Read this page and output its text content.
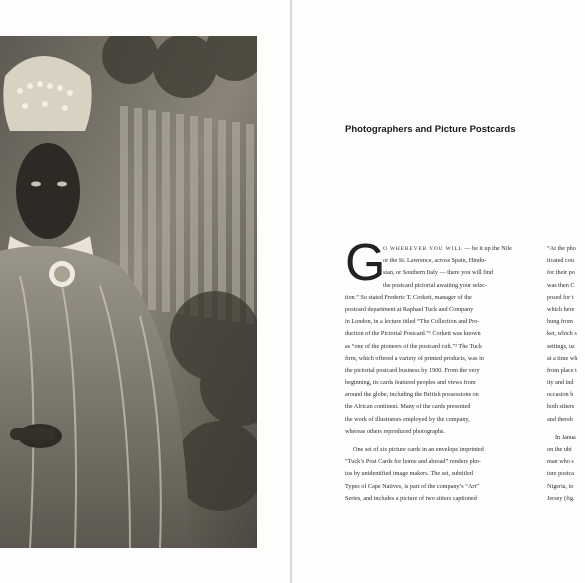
Photographers and Picture Postcards
G
O WHEREVER YOU WILL — be it up the Nile
or the St. Lawrence, across Spain, Hindu-
stan, or Southern Italy — there you will find
the postcard pictorial awaiting your selec-
tion.” So stated Frederic T. Corkett, manager of the
postcard department at Raphael Tuck and Company
in London, in a lecture titled “The Collection and Pro-
duction of the Pictorial Postcard.”¹ Corkett was known
as “one of the pioneers of the postcard cult.”² The Tuck
firm, which offered a variety of printed products, was in
the pictorial postcard business by 1900. From the very
beginning, its cards featured peoples and views from
around the globe, including the British possessions on
the African continent. Many of the cards presented
the work of illustrators employed by the company,
whereas others reproduced photographs.
One set of six picture cards in an envelope imprinted
“Tuck’s Post Cards for home and abroad” renders pho-
tos by unidentified image makers. The set, subtitled
Types of Cape Natives, is part of the company’s “Art”
Series, and includes a picture of two sitters captioned
“At the pho
ticated cou
for their po
was then C
posed for t
which here
hung from
ket, which s
settings, us
at a time wh
from place t
ity and ind
occasion b
both sitters
and thereb
In Janua
on the ubi
man who s
ture postca
Nigeria, to
Jersey (fig.
